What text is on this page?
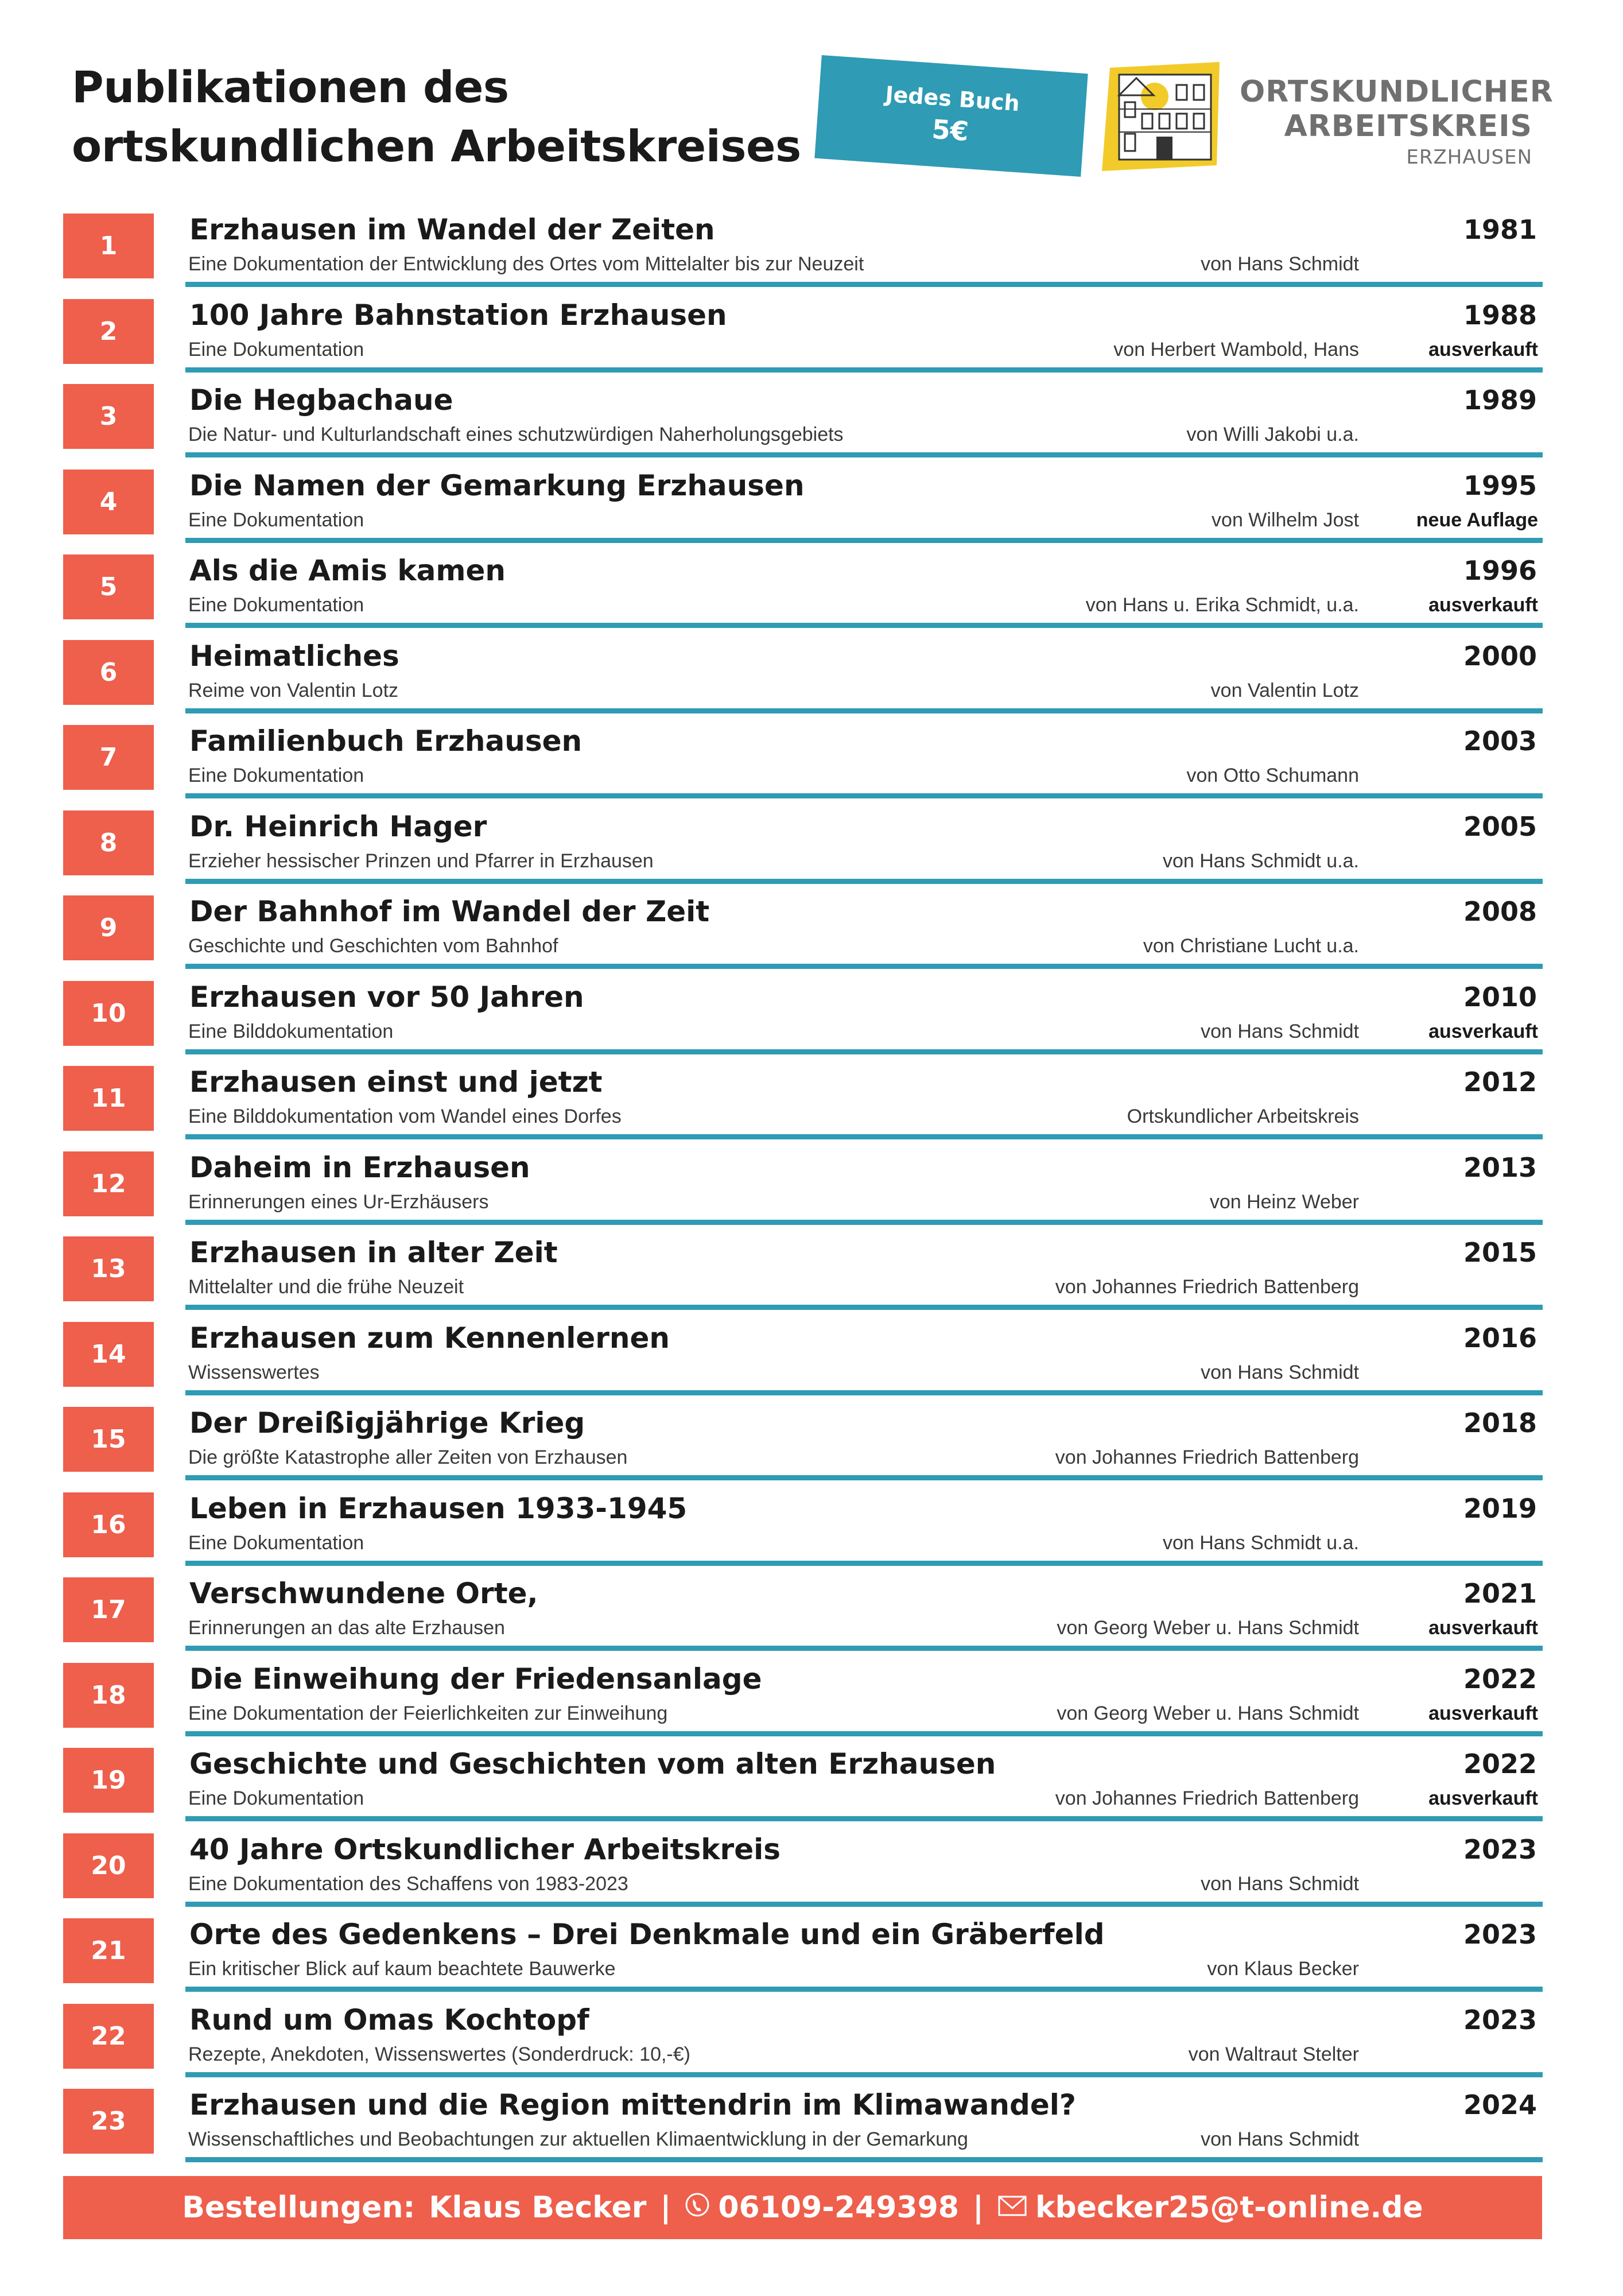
Publikationen des
ortskundlichen Arbeitskreises
Jedes Buch
5€
ORTSKUNDLICHER
ARBEITSKREIS
ERZHAUSEN
1	Erzhausen im Wandel der Zeiten
Eine Dokumentation der Entwicklung des Ortes vom Mittelalter bis zur Neuzeit	von Hans Schmidt
1981
2	100 Jahre Bahnstation Erzhausen
Eine Dokumentation	von Herbert Wambold, Hans
1988
ausverkauft
3	Die Hegbachaue
Die Natur- und Kulturlandschaft eines schutzwürdigen Naherholungsgebiets	von Willi Jakobi u.a.
1989
4	Die Namen der Gemarkung Erzhausen
Eine Dokumentation	von Wilhelm Jost
1995
neue Auflage
5	Als die Amis kamen
Eine Dokumentation	von Hans u. Erika Schmidt, u.a.
1996
ausverkauft
6	Heimatliches
Reime von Valentin Lotz	von Valentin Lotz
2000
7	Familienbuch Erzhausen
Eine Dokumentation	von Otto Schumann
2003
8	Dr. Heinrich Hager
Erzieher hessischer Prinzen und Pfarrer in Erzhausen	von Hans Schmidt u.a.
2005
9	Der Bahnhof im Wandel der Zeit
Geschichte und Geschichten vom Bahnhof	von Christiane Lucht u.a.
2008
10	Erzhausen vor 50 Jahren
Eine Bilddokumentation	von Hans Schmidt
2010
ausverkauft
11	Erzhausen einst und jetzt
Eine Bilddokumentation vom Wandel eines Dorfes	Ortskundlicher Arbeitskreis
2012
12	Daheim in Erzhausen
Erinnerungen eines Ur-Erzhäusers	von Heinz Weber
2013
13	Erzhausen in alter Zeit
Mittelalter und die frühe Neuzeit	von Johannes Friedrich Battenberg
2015
14	Erzhausen zum Kennenlernen
Wissenswertes	von Hans Schmidt
2016
15	Der Dreißigjährige Krieg
Die größte Katastrophe aller Zeiten von Erzhausen	von Johannes Friedrich Battenberg
2018
16	Leben in Erzhausen 1933-1945
Eine Dokumentation	von Hans Schmidt u.a.
2019
17	Verschwundene Orte,
Erinnerungen an das alte Erzhausen	von Georg Weber u. Hans Schmidt
2021
ausverkauft
18	Die Einweihung der Friedensanlage
Eine Dokumentation der Feierlichkeiten zur Einweihung	von Georg Weber u. Hans Schmidt
2022
ausverkauft
19	Geschichte und Geschichten vom alten Erzhausen
Eine Dokumentation	von Johannes Friedrich Battenberg
2022
ausverkauft
20	40 Jahre Ortskundlicher Arbeitskreis
Eine Dokumentation des Schaffens von 1983-2023	von Hans Schmidt
2023
21	Orte des Gedenkens – Drei Denkmale und ein Gräberfeld
Ein kritischer Blick auf kaum beachtete Bauwerke	von Klaus Becker
2023
22	Rund um Omas Kochtopf
Rezepte, Anekdoten, Wissenswertes (Sonderdruck: 10,-€)	von Waltraut Stelter
2023
23	Erzhausen und die Region mittendrin im Klimawandel?
Wissenschaftliches und Beobachtungen zur aktuellen Klimaentwicklung in der Gemarkung	von Hans Schmidt
2024
Bestellungen: Klaus Becker | 06109-249398 | kbecker25@t-online.de
